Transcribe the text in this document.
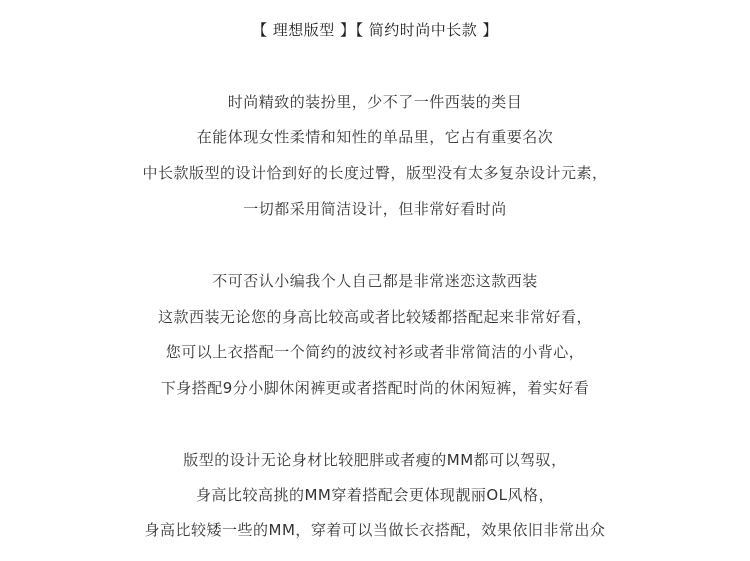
【 理想版型 】【 简约时尚中长款 】
时尚精致的装扮里，少不了一件西装的类目
在能体现女性柔情和知性的单品里，它占有重要名次
中长款版型的设计恰到好的长度过臀，版型没有太多复杂设计元素，
一切都采用简洁设计，但非常好看时尚
不可否认小编我个人自己都是非常迷恋这款西装
这款西装无论您的身高比较高或者比较矮都搭配起来非常好看，
您可以上衣搭配一个简约的波纹衬衫或者非常简洁的小背心，
下身搭配9分小脚休闲裤更或者搭配时尚的休闲短裤，着实好看
版型的设计无论身材比较肥胖或者瘦的MM都可以驾驭，
身高比较高挑的MM穿着搭配会更体现靓丽OL风格，
身高比较矮一些的MM，穿着可以当做长衣搭配，效果依旧非常出众
